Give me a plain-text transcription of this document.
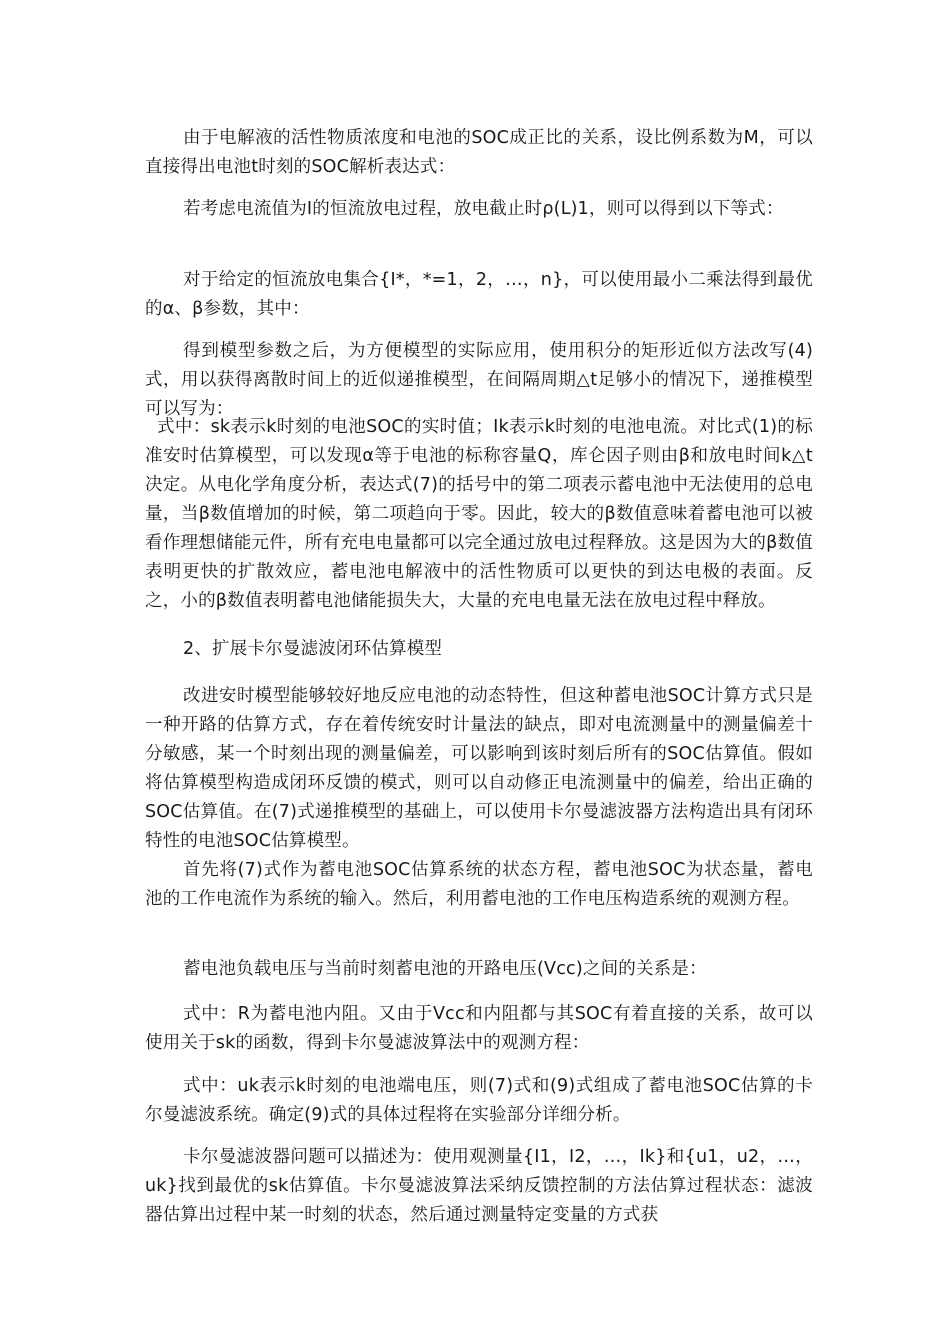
由于电解液的活性物质浓度和电池的SOC成正比的关系，设比例系数为M，可以直接得出电池t时刻的SOC解析表达式：

若考虑电流值为I的恒流放电过程，放电截止时ρ(L)1，则可以得到以下等式：

对于给定的恒流放电集合{I*，*=1，2，…，n}，可以使用最小二乘法得到最优的α、β参数，其中：

得到模型参数之后，为方便模型的实际应用，使用积分的矩形近似方法改写(4)式，用以获得离散时间上的近似递推模型，在间隔周期△t足够小的情况下，递推模型可以写为：

式中：sk表示k时刻的电池SOC的实时值；Ik表示k时刻的电池电流。对比式(1)的标准安时估算模型，可以发现α等于电池的标称容量Q，库仑因子则由β和放电时间k△t决定。从电化学角度分析，表达式(7)的括号中的第二项表示蓄电池中无法使用的总电量，当β数值增加的时候，第二项趋向于零。因此，较大的β数值意味着蓄电池可以被看作理想储能元件，所有充电电量都可以完全通过放电过程释放。这是因为大的β数值表明更快的扩散效应，蓄电池电解液中的活性物质可以更快的到达电极的表面。反之，小的β数值表明蓄电池储能损失大，大量的充电电量无法在放电过程中释放。

2、扩展卡尔曼滤波闭环估算模型

改进安时模型能够较好地反应电池的动态特性，但这种蓄电池SOC计算方式只是一种开路的估算方式，存在着传统安时计量法的缺点，即对电流测量中的测量偏差十分敏感，某一个时刻出现的测量偏差，可以影响到该时刻后所有的SOC估算值。假如将估算模型构造成闭环反馈的模式，则可以自动修正电流测量中的偏差，给出正确的SOC估算值。在(7)式递推模型的基础上，可以使用卡尔曼滤波器方法构造出具有闭环特性的电池SOC估算模型。

首先将(7)式作为蓄电池SOC估算系统的状态方程，蓄电池SOC为状态量，蓄电池的工作电流作为系统的输入。然后，利用蓄电池的工作电压构造系统的观测方程。

蓄电池负载电压与当前时刻蓄电池的开路电压(Vcc)之间的关系是：

式中：R为蓄电池内阻。又由于Vcc和内阻都与其SOC有着直接的关系，故可以使用关于sk的函数，得到卡尔曼滤波算法中的观测方程：

式中：uk表示k时刻的电池端电压，则(7)式和(9)式组成了蓄电池SOC估算的卡尔曼滤波系统。确定(9)式的具体过程将在实验部分详细分析。

卡尔曼滤波器问题可以描述为：使用观测量{I1，I2，…，Ik}和{u1，u2，…，uk}找到最优的sk估算值。卡尔曼滤波算法采纳反馈控制的方法估算过程状态：滤波器估算出过程中某一时刻的状态，然后通过测量特定变量的方式获
